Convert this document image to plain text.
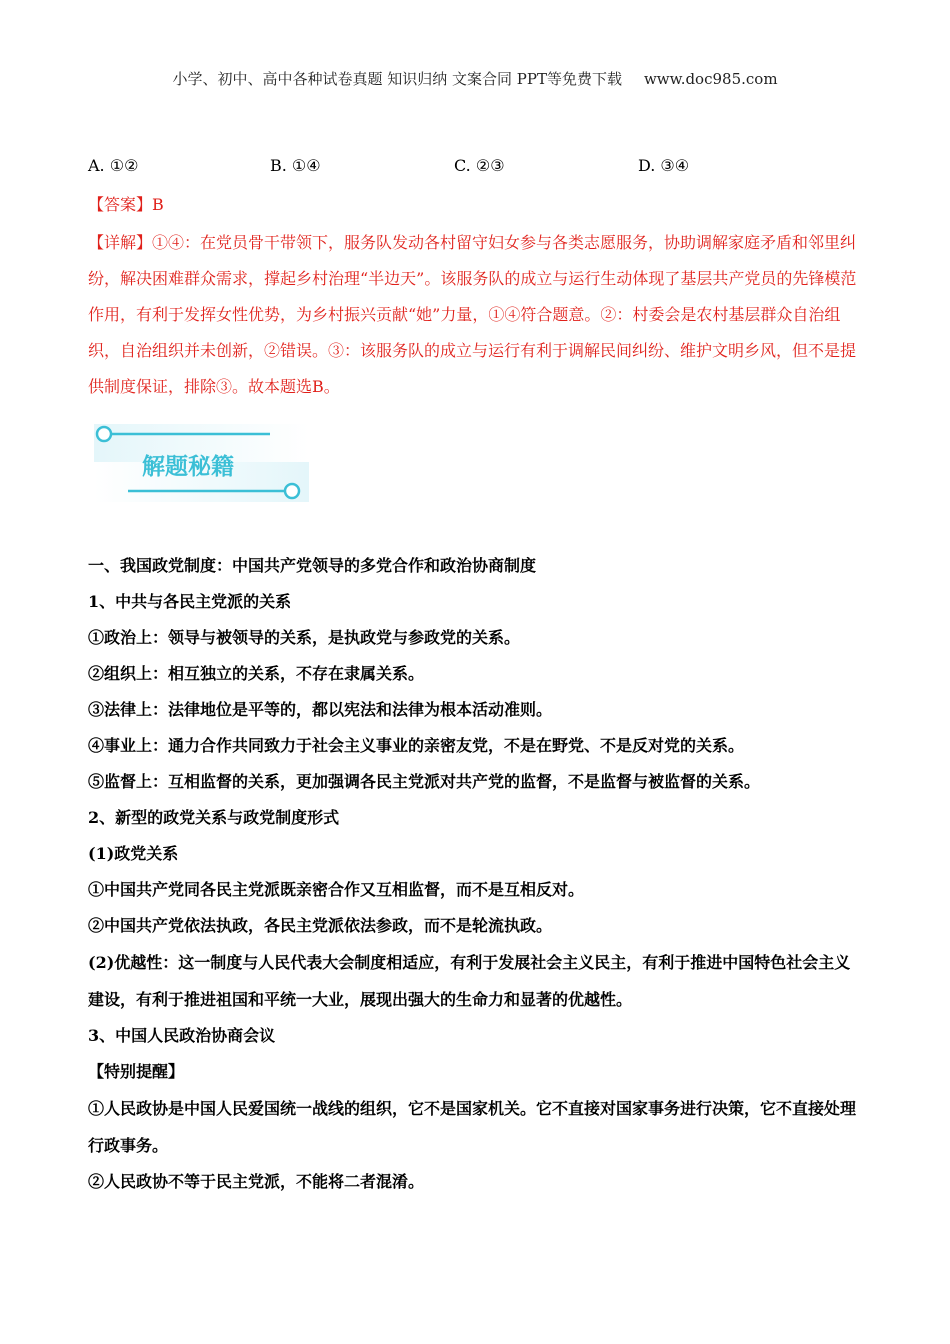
小学、初中、高中各种试卷真题 知识归纳 文案合同 PPT等免费下载 www.doc985.com
A. ①②	B. ①④	C. ②③	D. ③④
【答案】B
【详解】①④：在党员骨干带领下，服务队发动各村留守妇女参与各类志愿服务，协助调解家庭矛盾和邻里纠纷，解决困难群众需求，撑起乡村治理“半边天”。该服务队的成立与运行生动体现了基层共产党员的先锋模范作用，有利于发挥女性优势，为乡村振兴贡献“她”力量，①④符合题意。②：村委会是农村基层群众自治组织，自治组织并未创新，②错误。③：该服务队的成立与运行有利于调解民间纠纷、维护文明乡风，但不是提供制度保证，排除③。故本题选B。
解题秘籍

一、我国政党制度：中国共产党领导的多党合作和政治协商制度

1、中共与各民主党派的关系

①政治上：领导与被领导的关系，是执政党与参政党的关系。

②组织上：相互独立的关系，不存在隶属关系。

③法律上：法律地位是平等的，都以宪法和法律为根本活动准则。

④事业上：通力合作共同致力于社会主义事业的亲密友党，不是在野党、不是反对党的关系。

⑤监督上：互相监督的关系，更加强调各民主党派对共产党的监督，不是监督与被监督的关系。

2、新型的政党关系与政党制度形式

(1)政党关系

①中国共产党同各民主党派既亲密合作又互相监督，而不是互相反对。

②中国共产党依法执政，各民主党派依法参政，而不是轮流执政。

(2)优越性：这一制度与人民代表大会制度相适应，有利于发展社会主义民主，有利于推进中国特色社会主义建设，有利于推进祖国和平统一大业，展现出强大的生命力和显著的优越性。

3、中国人民政治协商会议

【特别提醒】

①人民政协是中国人民爱国统一战线的组织，它不是国家机关。它不直接对国家事务进行决策，它不直接处理行政事务。

②人民政协不等于民主党派，不能将二者混淆。
